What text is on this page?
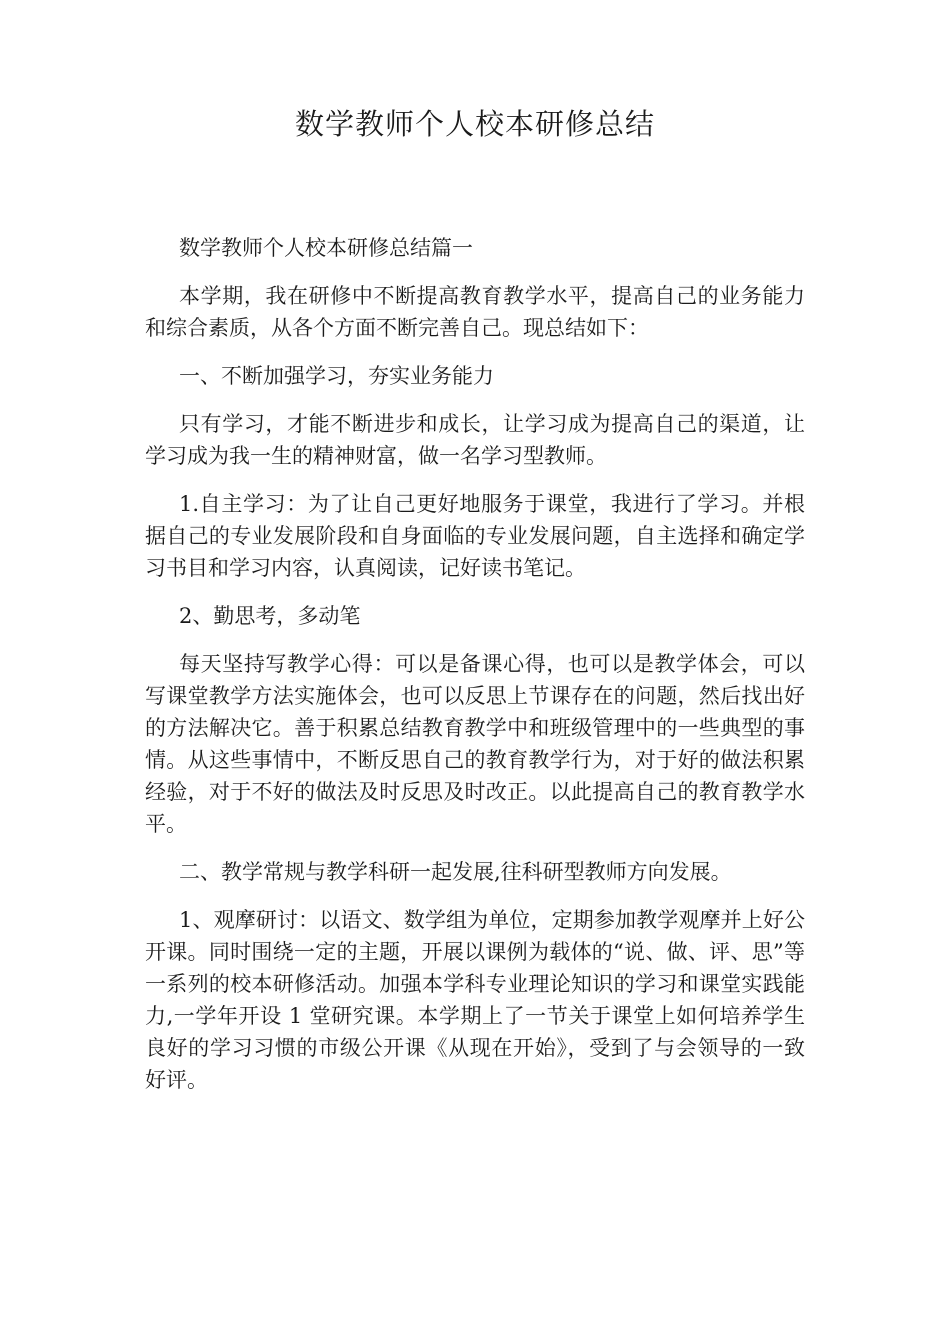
数学教师个人校本研修总结

数学教师个人校本研修总结篇一

本学期，我在研修中不断提高教育教学水平，提高自己的业务能力和综合素质，从各个方面不断完善自己。现总结如下：

一、不断加强学习，夯实业务能力

只有学习，才能不断进步和成长，让学习成为提高自己的渠道，让学习成为我一生的精神财富，做一名学习型教师。

1.自主学习：为了让自己更好地服务于课堂，我进行了学习。并根据自己的专业发展阶段和自身面临的专业发展问题，自主选择和确定学习书目和学习内容，认真阅读，记好读书笔记。

2、勤思考，多动笔

每天坚持写教学心得：可以是备课心得，也可以是教学体会，可以写课堂教学方法实施体会，也可以反思上节课存在的问题，然后找出好的方法解决它。善于积累总结教育教学中和班级管理中的一些典型的事情。从这些事情中，不断反思自己的教育教学行为，对于好的做法积累经验，对于不好的做法及时反思及时改正。以此提高自己的教育教学水平。

二、教学常规与教学科研一起发展,往科研型教师方向发展。

1、观摩研讨：以语文、数学组为单位，定期参加教学观摩并上好公开课。同时围绕一定的主题，开展以课例为载体的“说、做、评、思”等一系列的校本研修活动。加强本学科专业理论知识的学习和课堂实践能力,一学年开设 1 堂研究课。本学期上了一节关于课堂上如何培养学生良好的学习习惯的市级公开课《从现在开始》，受到了与会领导的一致好评。
